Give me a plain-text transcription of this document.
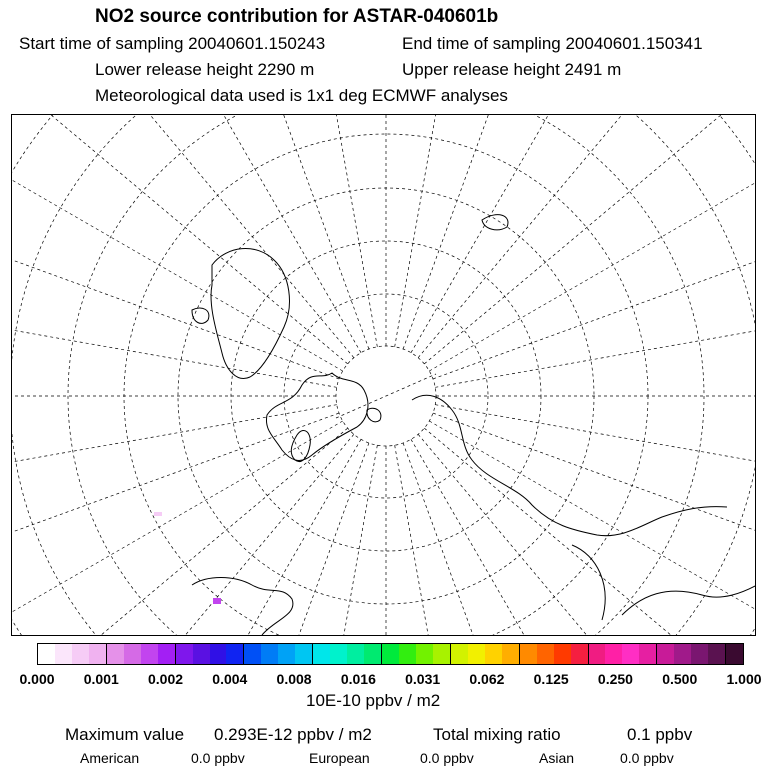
NO2 source contribution for ASTAR-040601b
Start time of sampling 20040601.150243	End time of sampling 20040601.150341
Lower release height 2290 m	Upper release height 2491 m
Meteorological data used is 1x1 deg ECMWF analyses
0.000 0.001 0.002 0.004 0.008 0.016 0.031 0.062 0.125 0.250 0.500 1.000
10E-10 ppbv / m2
Maximum value 0.293E-12 ppbv / m2	Total mixing ratio	0.1 ppbv
American	0.0 ppbv	European	0.0 ppbv	Asian	0.0 ppbv
